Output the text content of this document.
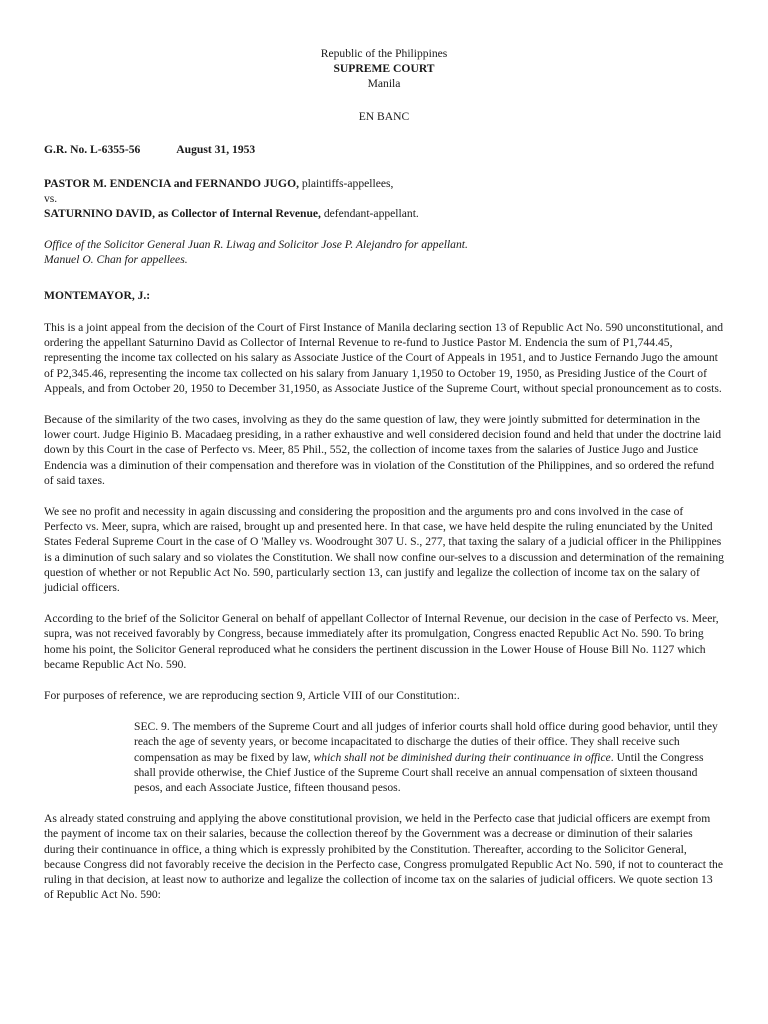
Republic of the Philippines
SUPREME COURT
Manila
EN BANC
G.R. No. L-6355-56	August 31, 1953
PASTOR M. ENDENCIA and FERNANDO JUGO, plaintiffs-appellees,
vs.
SATURNINO DAVID, as Collector of Internal Revenue, defendant-appellant.
Office of the Solicitor General Juan R. Liwag and Solicitor Jose P. Alejandro for appellant.
Manuel O. Chan for appellees.
MONTEMAYOR, J.:

This is a joint appeal from the decision of the Court of First Instance of Manila declaring section 13 of Republic Act No. 590 unconstitutional, and ordering the appellant Saturnino David as Collector of Internal Revenue to re-fund to Justice Pastor M. Endencia the sum of P1,744.45, representing the income tax collected on his salary as Associate Justice of the Court of Appeals in 1951, and to Justice Fernando Jugo the amount of P2,345.46, representing the income tax collected on his salary from January 1,1950 to October 19, 1950, as Presiding Justice of the Court of Appeals, and from October 20, 1950 to December 31,1950, as Associate Justice of the Supreme Court, without special pronouncement as to costs.

Because of the similarity of the two cases, involving as they do the same question of law, they were jointly submitted for determination in the lower court. Judge Higinio B. Macadaeg presiding, in a rather exhaustive and well considered decision found and held that under the doctrine laid down by this Court in the case of Perfecto vs. Meer, 85 Phil., 552, the collection of income taxes from the salaries of Justice Jugo and Justice Endencia was a diminution of their compensation and therefore was in violation of the Constitution of the Philippines, and so ordered the refund of said taxes.

We see no profit and necessity in again discussing and considering the proposition and the arguments pro and cons involved in the case of Perfecto vs. Meer, supra, which are raised, brought up and presented here. In that case, we have held despite the ruling enunciated by the United States Federal Supreme Court in the case of O 'Malley vs. Woodrought 307 U. S., 277, that taxing the salary of a judicial officer in the Philippines is a diminution of such salary and so violates the Constitution. We shall now confine our-selves to a discussion and determination of the remaining question of whether or not Republic Act No. 590, particularly section 13, can justify and legalize the collection of income tax on the salary of judicial officers.

According to the brief of the Solicitor General on behalf of appellant Collector of Internal Revenue, our decision in the case of Perfecto vs. Meer, supra, was not received favorably by Congress, because immediately after its promulgation, Congress enacted Republic Act No. 590. To bring home his point, the Solicitor General reproduced what he considers the pertinent discussion in the Lower House of House Bill No. 1127 which became Republic Act No. 590.

For purposes of reference, we are reproducing section 9, Article VIII of our Constitution:.

SEC. 9. The members of the Supreme Court and all judges of inferior courts shall hold office during good behavior, until they reach the age of seventy years, or become incapacitated to discharge the duties of their office. They shall receive such compensation as may be fixed by law, which shall not be diminished during their continuance in office. Until the Congress shall provide otherwise, the Chief Justice of the Supreme Court shall receive an annual compensation of sixteen thousand pesos, and each Associate Justice, fifteen thousand pesos.

As already stated construing and applying the above constitutional provision, we held in the Perfecto case that judicial officers are exempt from the payment of income tax on their salaries, because the collection thereof by the Government was a decrease or diminution of their salaries during their continuance in office, a thing which is expressly prohibited by the Constitution. Thereafter, according to the Solicitor General, because Congress did not favorably receive the decision in the Perfecto case, Congress promulgated Republic Act No. 590, if not to counteract the ruling in that decision, at least now to authorize and legalize the collection of income tax on the salaries of judicial officers. We quote section 13 of Republic Act No. 590:
